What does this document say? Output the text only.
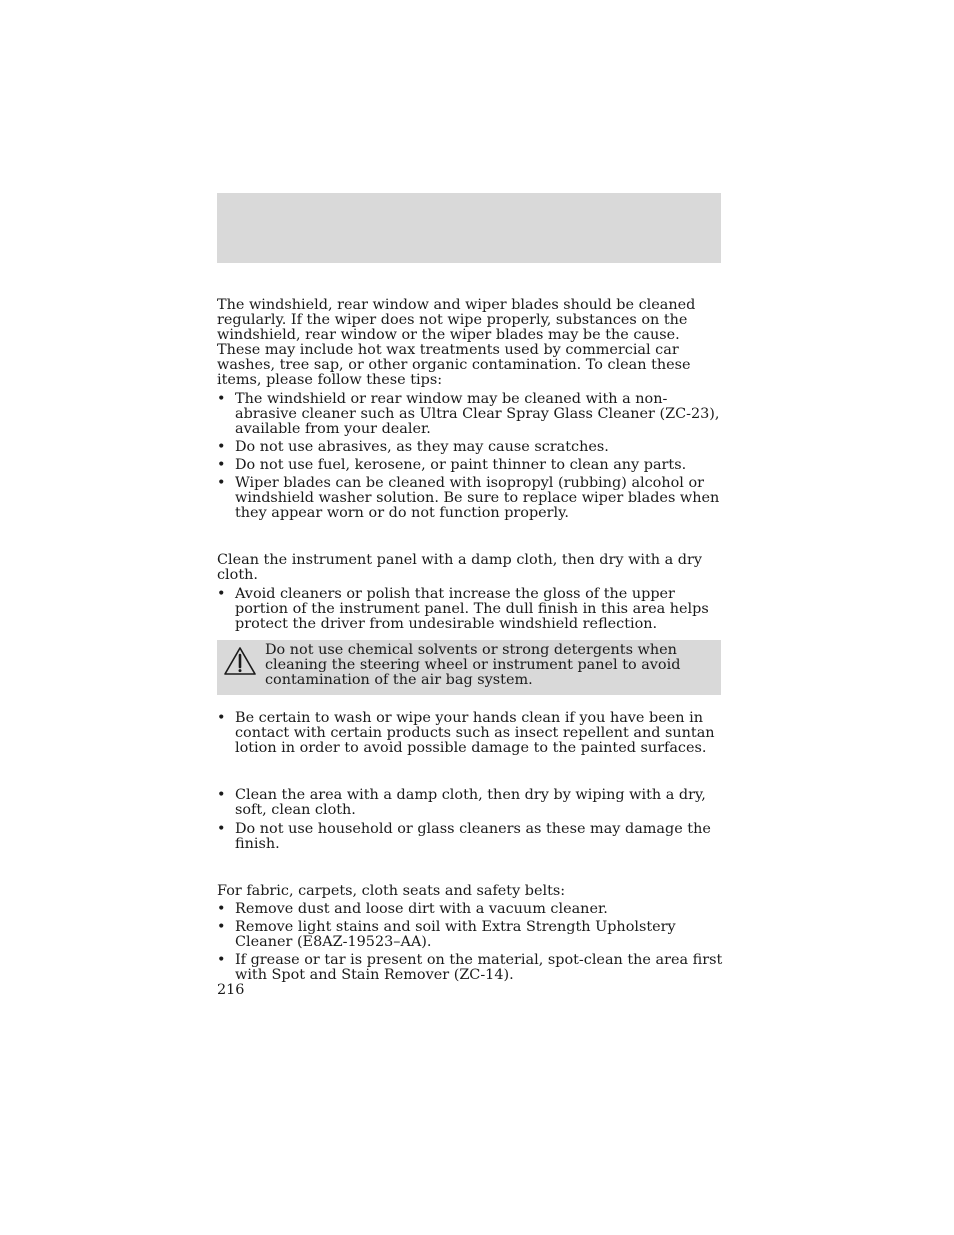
The windshield, rear window and wiper blades should be cleaned regularly. If the wiper does not wipe properly, substances on the windshield, rear window or the wiper blades may be the cause. These may include hot wax treatments used by commercial car washes, tree sap, or other organic contamination. To clean these items, please follow these tips:

• The windshield or rear window may be cleaned with a non-abrasive cleaner such as Ultra Clear Spray Glass Cleaner (ZC-23), available from your dealer.
• Do not use abrasives, as they may cause scratches.
• Do not use fuel, kerosene, or paint thinner to clean any parts.
• Wiper blades can be cleaned with isopropyl (rubbing) alcohol or windshield washer solution. Be sure to replace wiper blades when they appear worn or do not function properly.

Clean the instrument panel with a damp cloth, then dry with a dry cloth.

• Avoid cleaners or polish that increase the gloss of the upper portion of the instrument panel. The dull finish in this area helps protect the driver from undesirable windshield reflection.
Do not use chemical solvents or strong detergents when cleaning the steering wheel or instrument panel to avoid contamination of the air bag system.
• Be certain to wash or wipe your hands clean if you have been in contact with certain products such as insect repellent and suntan lotion in order to avoid possible damage to the painted surfaces.
• Clean the area with a damp cloth, then dry by wiping with a dry, soft, clean cloth.
• Do not use household or glass cleaners as these may damage the finish.

For fabric, carpets, cloth seats and safety belts:

• Remove dust and loose dirt with a vacuum cleaner.
• Remove light stains and soil with Extra Strength Upholstery Cleaner (E8AZ-19523–AA).
• If grease or tar is present on the material, spot-clean the area first with Spot and Stain Remover (ZC-14).
216
